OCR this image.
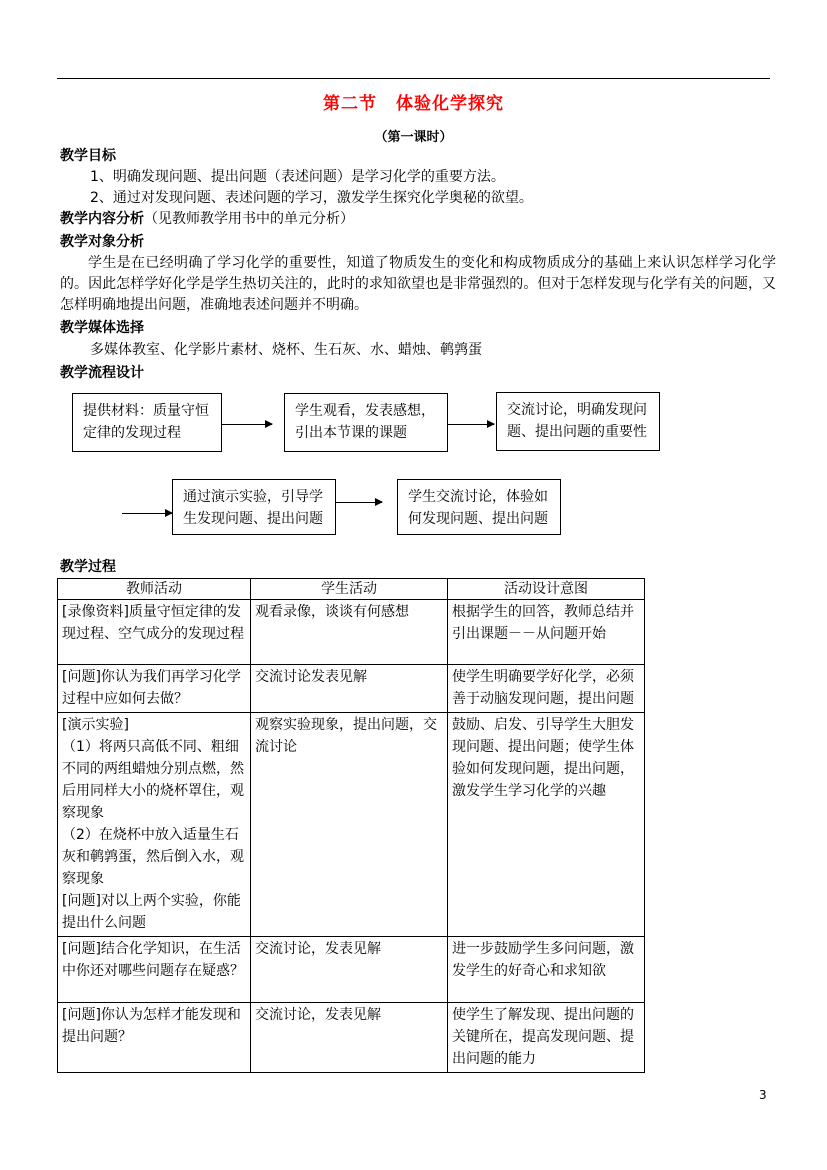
第二节 体验化学探究
（第一课时）
教学目标
1、明确发现问题、提出问题（表述问题）是学习化学的重要方法。
2、通过对发现问题、表述问题的学习，激发学生探究化学奥秘的欲望。
教学内容分析（见教师教学用书中的单元分析）
教学对象分析
学生是在已经明确了学习化学的重要性，知道了物质发生的变化和构成物质成分的基础上来认识怎样学习化学的。因此怎样学好化学是学生热切关注的，此时的求知欲望也是非常强烈的。但对于怎样发现与化学有关的问题，又怎样明确地提出问题，准确地表述问题并不明确。
教学媒体选择
多媒体教室、化学影片素材、烧杯、生石灰、水、蜡烛、鹌鹑蛋
教学流程设计
提供材料：质量守恒定律的发现过程
学生观看，发表感想，引出本节课的课题
交流讨论，明确发现问题、提出问题的重要性
通过演示实验，引导学生发现问题、提出问题
学生交流讨论，体验如何发现问题、提出问题
教学过程
教师活动	学生活动	活动设计意图
[录像资料]质量守恒定律的发现过程、空气成分的发现过程	观看录像，谈谈有何感想	根据学生的回答，教师总结并引出课题－－从问题开始
[问题]你认为我们再学习化学过程中应如何去做？	交流讨论发表见解	使学生明确要学好化学，必须善于动脑发现问题，提出问题

[演示实验]
（1）将两只高低不同、粗细不同的两组蜡烛分别点燃，然后用同样大小的烧杯罩住，观察现象
（2）在烧杯中放入适量生石灰和鹌鹑蛋，然后倒入水，观察现象
[问题]对以上两个实验，你能提出什么问题	观察实验现象，提出问题，交流讨论	鼓励、启发、引导学生大胆发现问题、提出问题；使学生体验如何发现问题，提出问题，激发学生学习化学的兴趣
[问题]结合化学知识，在生活中你还对哪些问题存在疑惑？	交流讨论，发表见解	进一步鼓励学生多问问题，激发学生的好奇心和求知欲
[问题]你认为怎样才能发现和提出问题？	交流讨论，发表见解	使学生了解发现、提出问题的关键所在，提高发现问题、提出问题的能力
3
